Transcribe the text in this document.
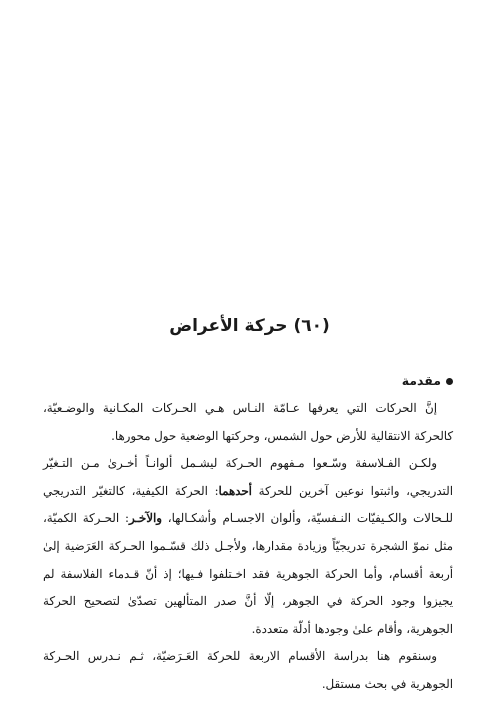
(٦٠) حركة الأعراض
مقدمة

إنَّ الحركات التي يعرفها عـامّة النـاس هـي الحـركات المكـانية والوضـعيّة، كالحركة الانتقالية للأرض حول الشمس، وحركتها الوضعية حول محورها.

ولكـن الفـلاسفة وسّـعوا مـفهوم الحـركة ليشـمل ألوانـاً أخـرىٰ مـن التـغيّر التدريجي، واثبتوا نوعين آخرين للحركة أحدهما: الحركة الكيفية، كالتغيّر التدريجي للـحالات والكـيفيّات النـفسيّة، وألوان الاجسـام وأشكـالها، والآخـر: الحـركة الكميّة، مثل نموّ الشجرة تدريجيّاً وزيادة مقدارها، ولأجـل ذلك قسّـموا الحـركة العَرَضية إلىٰ أربعة أقسام، وأما الحركة الجوهرية فقد اخـتلفوا فـيها؛ إذ أنّ قـدماء الفلاسفة لم يجيزوا وجود الحركة في الجوهر، إلّا أنَّ صدر المتألهين تصدّىٰ لتصحيح الحركة الجوهرية، وأقام علىٰ وجودها أدلّة متعددة.

وسنقوم هنا بدراسة الأقسام الاربعة للحركة العَـرَضيّة، ثـم نـدرس الحـركة الجوهرية في بحث مستقل.
